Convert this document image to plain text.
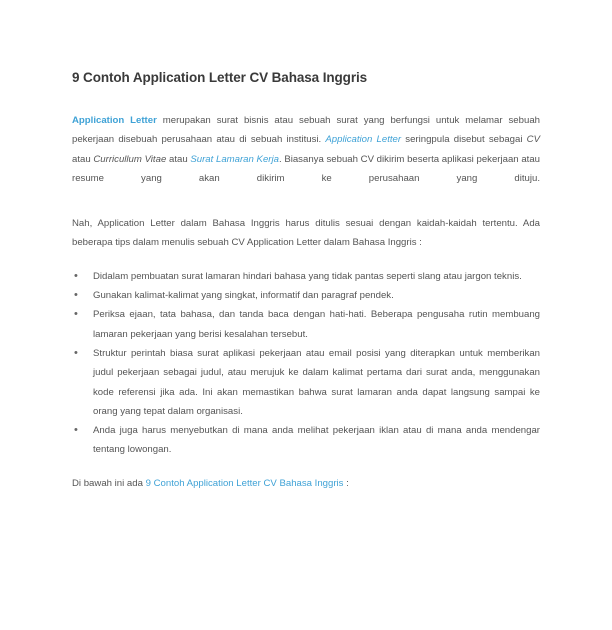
9 Contoh Application Letter CV Bahasa Inggris

Application Letter merupakan surat bisnis atau sebuah surat yang berfungsi untuk melamar sebuah pekerjaan disebuah perusahaan atau di sebuah institusi. Application Letter seringpula disebut sebagai CV atau Curricullum Vitae atau Surat Lamaran Kerja. Biasanya sebuah CV dikirim beserta aplikasi pekerjaan atau resume yang akan dikirim ke perusahaan yang dituju.

Nah, Application Letter dalam Bahasa Inggris harus ditulis sesuai dengan kaidah-kaidah tertentu. Ada beberapa tips dalam menulis sebuah CV Application Letter dalam Bahasa Inggris :

• Didalam pembuatan surat lamaran hindari bahasa yang tidak pantas seperti slang atau jargon teknis.
• Gunakan kalimat-kalimat yang singkat, informatif dan paragraf pendek.
• Periksa ejaan, tata bahasa, dan tanda baca dengan hati-hati. Beberapa pengusaha rutin membuang lamaran pekerjaan yang berisi kesalahan tersebut.
• Struktur perintah biasa surat aplikasi pekerjaan atau email posisi yang diterapkan untuk memberikan judul pekerjaan sebagai judul, atau merujuk ke dalam kalimat pertama dari surat anda, menggunakan kode referensi jika ada. Ini akan memastikan bahwa surat lamaran anda dapat langsung sampai ke orang yang tepat dalam organisasi.
• Anda juga harus menyebutkan di mana anda melihat pekerjaan iklan atau di mana anda mendengar tentang lowongan.

Di bawah ini ada 9 Contoh Application Letter CV Bahasa Inggris :
